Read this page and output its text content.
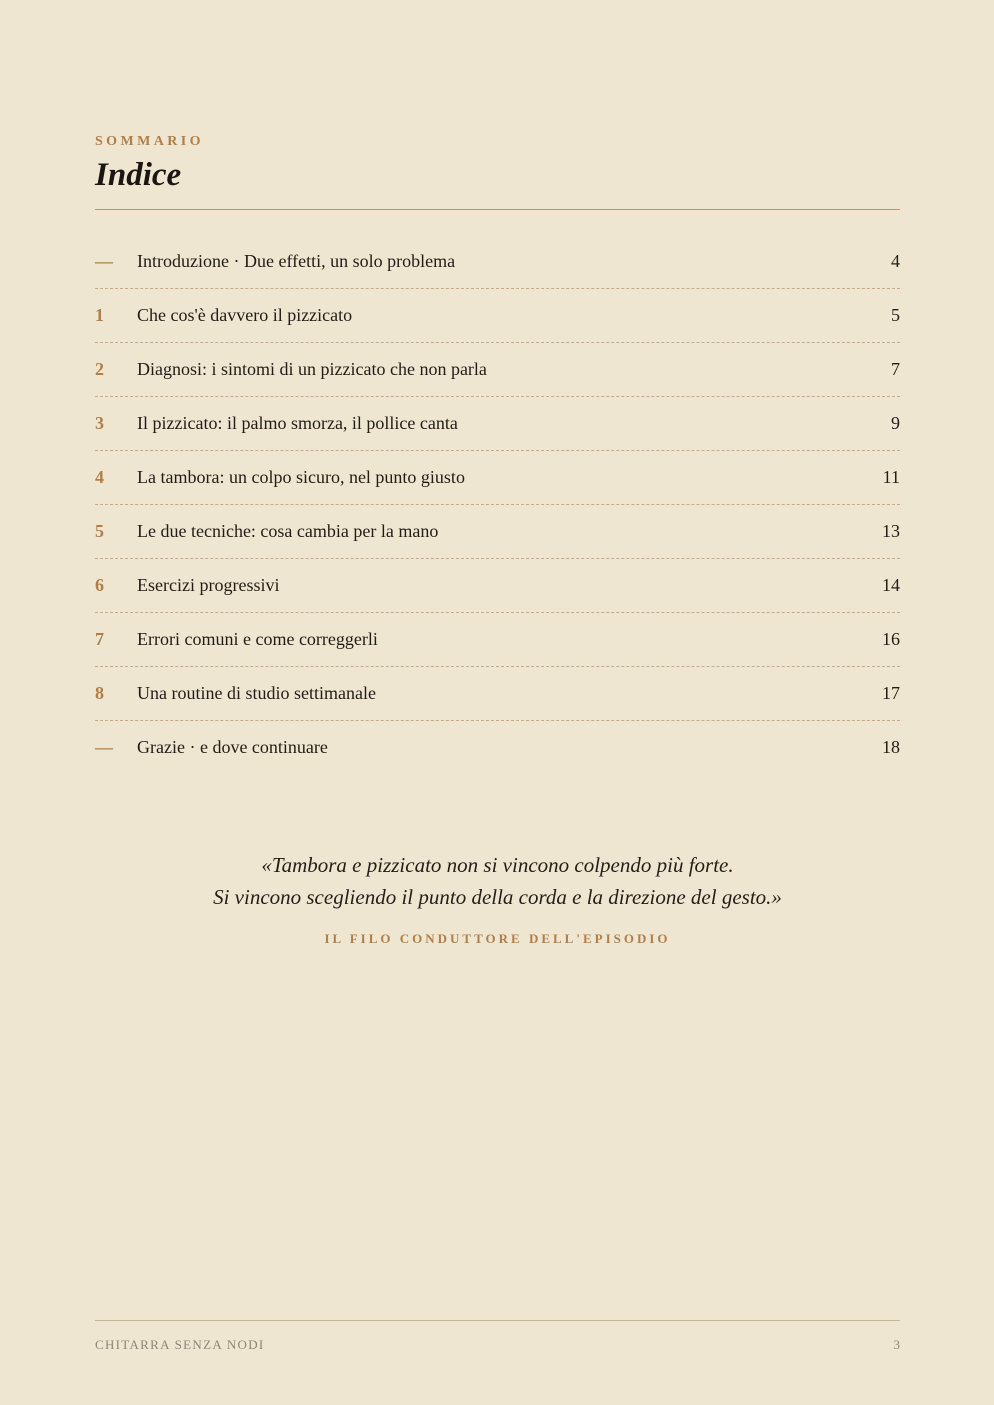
SOMMARIO
Indice
— Introduzione · Due effetti, un solo problema	4
1 Che cos'è davvero il pizzicato	5
2 Diagnosi: i sintomi di un pizzicato che non parla	7
3 Il pizzicato: il palmo smorza, il pollice canta	9
4 La tambora: un colpo sicuro, nel punto giusto	11
5 Le due tecniche: cosa cambia per la mano	13
6 Esercizi progressivi	14
7 Errori comuni e come correggerli	16
8 Una routine di studio settimanale	17
— Grazie · e dove continuare	18
«Tambora e pizzicato non si vincono colpendo più forte.
Si vincono scegliendo il punto della corda e la direzione del gesto.»
IL FILO CONDUTTORE DELL'EPISODIO
CHITARRA SENZA NODI	3
